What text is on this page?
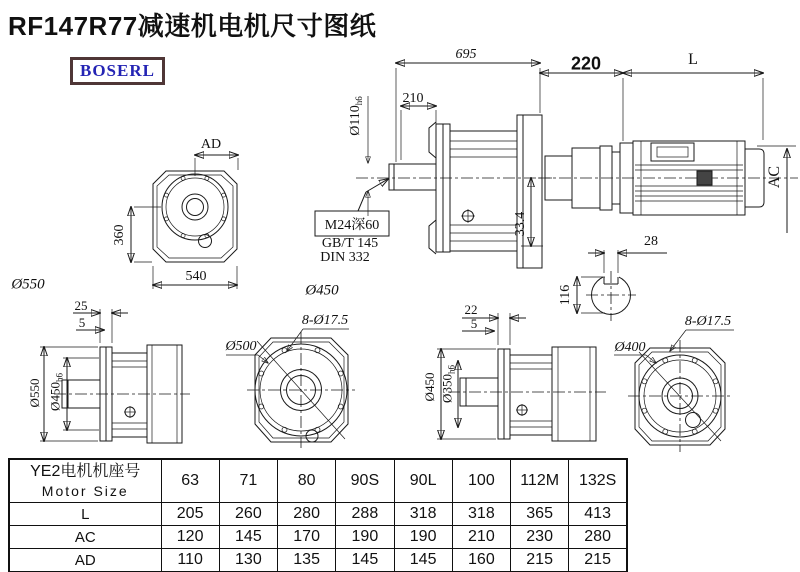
RF147R77减速机电机尺寸图纸
BOSERL
695
210
$Ø110_{h6}$
M24深60
GB/T 145
DIN 332
33.4
220	L
AC
AD
360
540
Ø550	Ø450
28
116
25
5
Ø550 $Ø450_{h6}$
8-Ø17.5
Ø500
22
5
Ø450 $Ø350_{h6}$
8-Ø17.5
Ø400
YE2电机机座号
Motor Size	63	71	80	90S	90L	100	112M	132S
L	205	260	280	288	318	318	365	413
AC	120	145	170	190	190	210	230	280
AD	110	130	135	145	145	160	215	215
